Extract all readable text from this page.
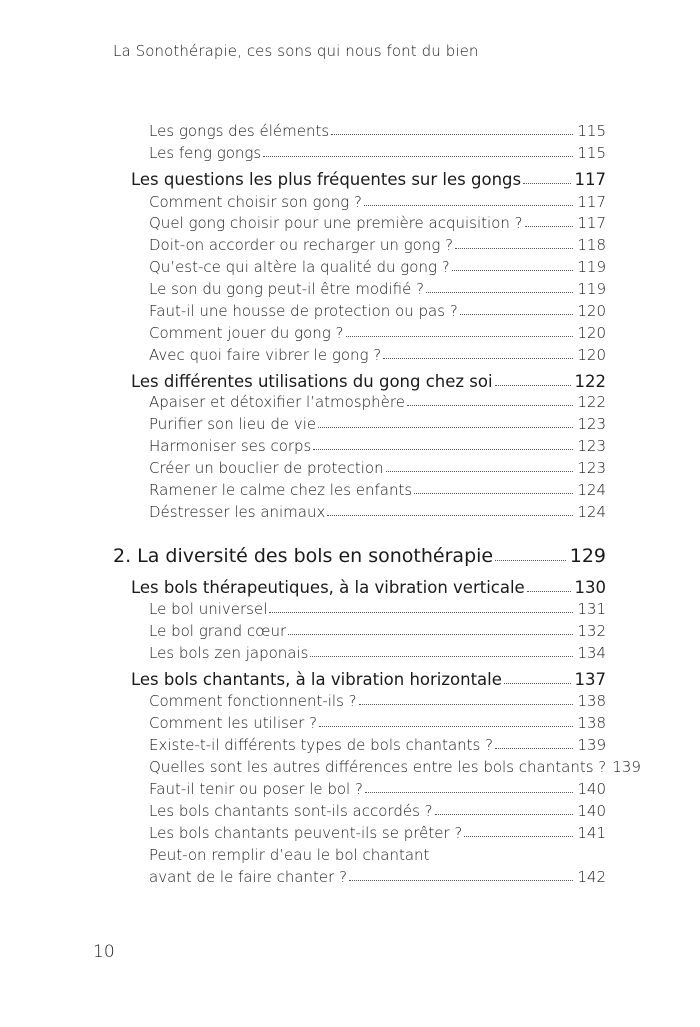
La Sonothérapie, ces sons qui nous font du bien
Les gongs des éléments	115
Les feng gongs	115
Les questions les plus fréquentes sur les gongs	117
Comment choisir son gong ?	117
Quel gong choisir pour une première acquisition ?	117
Doit-on accorder ou recharger un gong ?	118
Qu’est-ce qui altère la qualité du gong ?	119
Le son du gong peut-il être modifié ?	119
Faut-il une housse de protection ou pas ?	120
Comment jouer du gong ?	120
Avec quoi faire vibrer le gong ?	120
Les différentes utilisations du gong chez soi	122
Apaiser et détoxifier l’atmosphère	122
Purifier son lieu de vie	123
Harmoniser ses corps	123
Créer un bouclier de protection	123
Ramener le calme chez les enfants	124
Déstresser les animaux	124
2. La diversité des bols en sonothérapie	129
Les bols thérapeutiques, à la vibration verticale	130
Le bol universel	131
Le bol grand cœur	132
Les bols zen japonais	134
Les bols chantants, à la vibration horizontale	137
Comment fonctionnent-ils ?	138
Comment les utiliser ?	138
Existe-t-il différents types de bols chantants ?	139
Quelles sont les autres différences entre les bols chantants ? 139
Faut-il tenir ou poser le bol ?	140
Les bols chantants sont-ils accordés ?	140
Les bols chantants peuvent-ils se prêter ?	141
Peut-on remplir d’eau le bol chantant
avant de le faire chanter ?	142
10
